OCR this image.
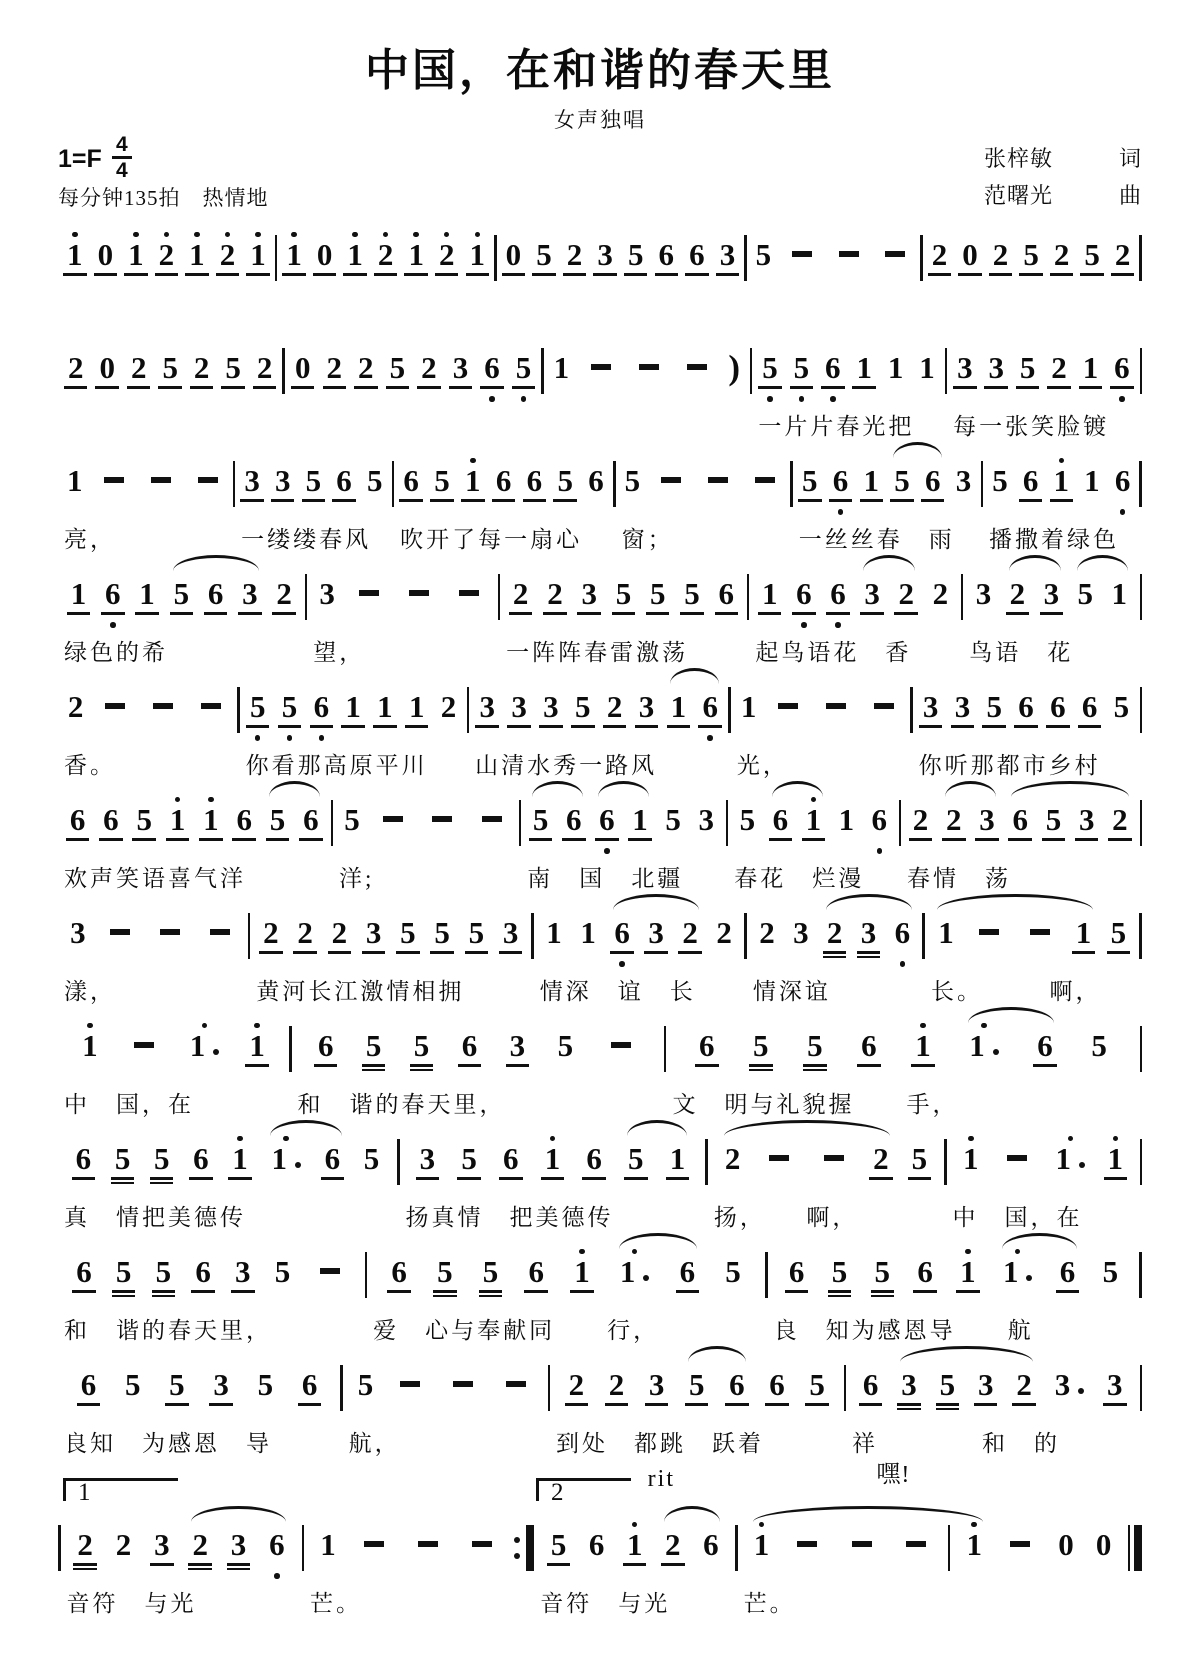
中国，在和谐的春天里
女声独唱
$1=F \frac{4}{4}$
每分钟135拍　热情地
张梓敏	词
范曙光	曲
1 0 1 2 1 2 1 1 0 1 2 1 2 1 0 5 2 3 5 6 6 3 5	2 0 2 5 2 5 2
2 0 2 5 2 5 2 0 2 2 5 2 3 6 5 1	) 5 5 6 1 1 1
一片片春光把
3 3 5 2 1 6
每一张笑脸镀
1
亮，
3 3 5 6 5
一缕缕春风
6 5 1 6 6 5 6
吹开了每一扇心
5
窗；
5 6 1 5 6 3
一丝丝春　雨
5 6 1 1 6
播撒着绿色
1 6 1 5 6 3 2
绿色的希
3
望，
2 2 3 5 5 5 6
一阵阵春雷激荡
1 6 6 3 2 2
起鸟语花　香
3 2 3 5 1
鸟语　花
2
香。
5 5 6 1 1 1 2
你看那高原平川
3 3 3 5 2 3 1 6
山清水秀一路风
1
光，
3 3 5 6 6 6 5
你听那都市乡村
6 6 5 1 1 6 5 6
欢声笑语喜气洋
5
洋;
5 6 6 1 5 3
南　国　北疆
5 6 1 1 6
春花　烂漫
2 2 3 6 5 3 2
春情　荡
3
漾，
2 2 2 3 5 5 5 3
黄河长江激情相拥
1 1 6 3 2 2
情深　谊　长
2 3 2 3 6
情深谊
1	1 5
长。　　　啊，
1	1 1
中　国，在
6 5 5 6 3 5
和　谐的春天里，
6 5 5 6 1 1 6 5
文　明与礼貌握　　手，
6 5 5 6 1 1 6 5
真　情把美德传
3 5 6 1 6 5 1
扬真情　把美德传
2	2 5
扬，　　啊，
1 1 1
中　国，在
6 5 5 6 3 5
和　谐的春天里，
6 5 5 6 1 1 6 5
爱　心与奉献同　　行，
6 5 5 6 1 1 6 5
良　知为感恩导　　航
6 5 5 3 5 6
良知　为感恩　导
5
航，
2 2 3 5 6 6 5
到处　都跳　跃着
6 3 5 3 2 3 3
祥　　　　和　的
2 2 3 2 3 6
音符　与光
1
芒。
5 6 1 2 6
音符　与光
1
芒。
1 0 0
嘿!
1	2	rit
